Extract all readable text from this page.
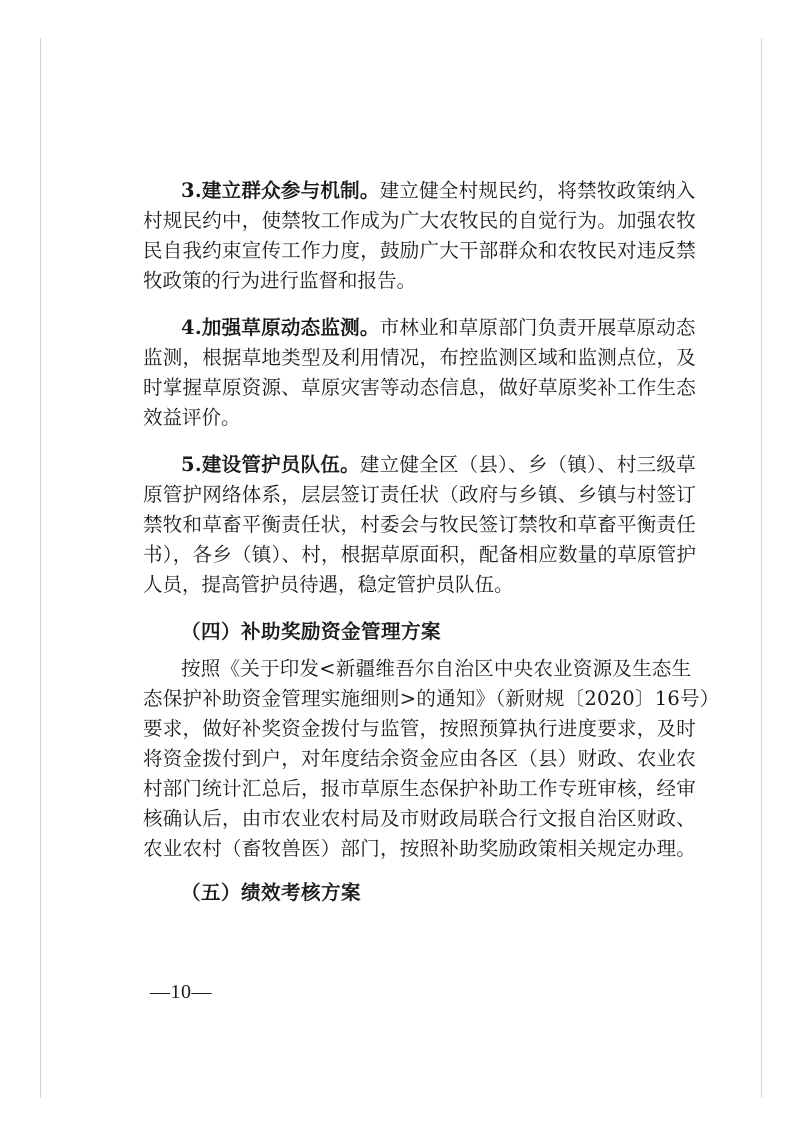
3.建立群众参与机制。建立健全村规民约，将禁牧政策纳入
村规民约中，使禁牧工作成为广大农牧民的自觉行为。加强农牧
民自我约束宣传工作力度，鼓励广大干部群众和农牧民对违反禁
牧政策的行为进行监督和报告。
4.加强草原动态监测。市林业和草原部门负责开展草原动态
监测，根据草地类型及利用情况，布控监测区域和监测点位，及
时掌握草原资源、草原灾害等动态信息，做好草原奖补工作生态
效益评价。
5.建设管护员队伍。建立健全区（县）、乡（镇）、村三级草
原管护网络体系，层层签订责任状（政府与乡镇、乡镇与村签订
禁牧和草畜平衡责任状，村委会与牧民签订禁牧和草畜平衡责任
书），各乡（镇）、村，根据草原面积，配备相应数量的草原管护
人员，提高管护员待遇，稳定管护员队伍。
（四）补助奖励资金管理方案
按照《关于印发<新疆维吾尔自治区中央农业资源及生态生
态保护补助资金管理实施细则>的通知》（新财规〔2020〕16号）
要求，做好补奖资金拨付与监管，按照预算执行进度要求，及时
将资金拨付到户，对年度结余资金应由各区（县）财政、农业农
村部门统计汇总后，报市草原生态保护补助工作专班审核，经审
核确认后，由市农业农村局及市财政局联合行文报自治区财政、
农业农村（畜牧兽医）部门，按照补助奖励政策相关规定办理。
（五）绩效考核方案
—10—
